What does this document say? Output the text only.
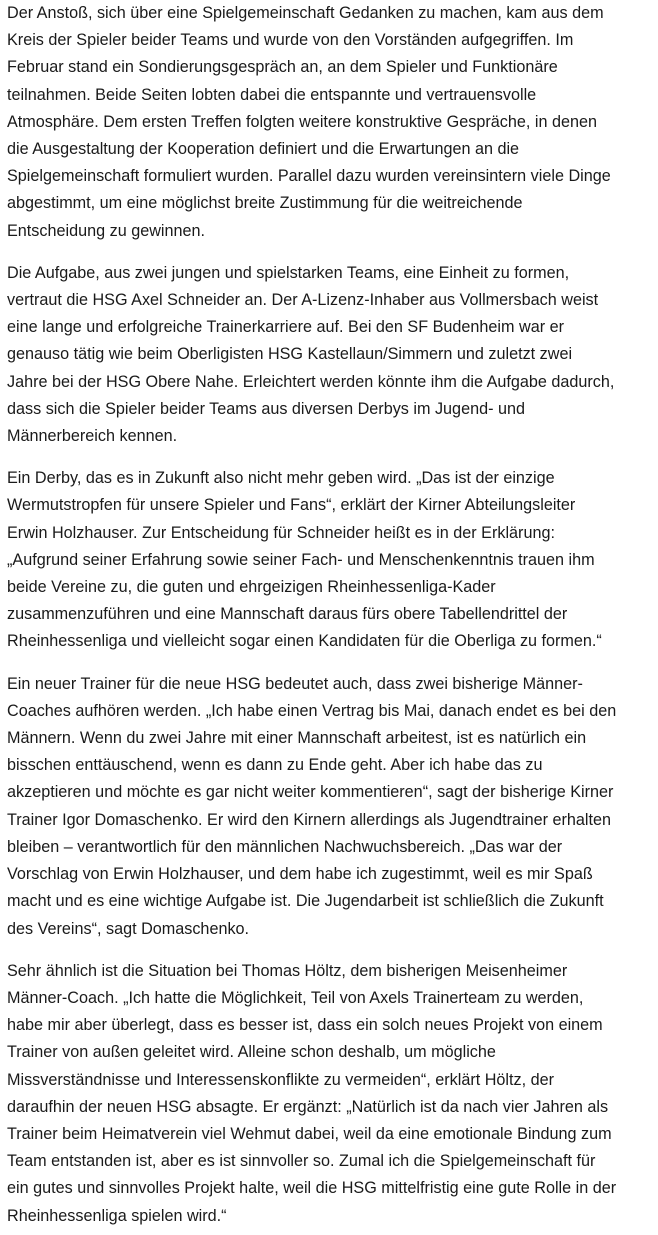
Der Anstoß, sich über eine Spielgemeinschaft Gedanken zu machen, kam aus dem
Kreis der Spieler beider Teams und wurde von den Vorständen aufgegriffen. Im
Februar stand ein Sondierungsgespräch an, an dem Spieler und Funktionäre
teilnahmen. Beide Seiten lobten dabei die entspannte und vertrauensvolle
Atmosphäre. Dem ersten Treffen folgten weitere konstruktive Gespräche, in denen
die Ausgestaltung der Kooperation definiert und die Erwartungen an die
Spielgemeinschaft formuliert wurden. Parallel dazu wurden vereinsintern viele Dinge
abgestimmt, um eine möglichst breite Zustimmung für die weitreichende
Entscheidung zu gewinnen.

Die Aufgabe, aus zwei jungen und spielstarken Teams, eine Einheit zu formen,
vertraut die HSG Axel Schneider an. Der A-Lizenz-Inhaber aus Vollmersbach weist
eine lange und erfolgreiche Trainerkarriere auf. Bei den SF Budenheim war er
genauso tätig wie beim Oberligisten HSG Kastellaun/Simmern und zuletzt zwei
Jahre bei der HSG Obere Nahe. Erleichtert werden könnte ihm die Aufgabe dadurch,
dass sich die Spieler beider Teams aus diversen Derbys im Jugend- und
Männerbereich kennen.

Ein Derby, das es in Zukunft also nicht mehr geben wird. „Das ist der einzige
Wermutstropfen für unsere Spieler und Fans“, erklärt der Kirner Abteilungsleiter
Erwin Holzhauser. Zur Entscheidung für Schneider heißt es in der Erklärung:
„Aufgrund seiner Erfahrung sowie seiner Fach- und Menschenkenntnis trauen ihm
beide Vereine zu, die guten und ehrgeizigen Rheinhessenliga-Kader
zusammenzuführen und eine Mannschaft daraus fürs obere Tabellendrittel der
Rheinhessenliga und vielleicht sogar einen Kandidaten für die Oberliga zu formen.“

Ein neuer Trainer für die neue HSG bedeutet auch, dass zwei bisherige Männer-
Coaches aufhören werden. „Ich habe einen Vertrag bis Mai, danach endet es bei den
Männern. Wenn du zwei Jahre mit einer Mannschaft arbeitest, ist es natürlich ein
bisschen enttäuschend, wenn es dann zu Ende geht. Aber ich habe das zu
akzeptieren und möchte es gar nicht weiter kommentieren“, sagt der bisherige Kirner
Trainer Igor Domaschenko. Er wird den Kirnern allerdings als Jugendtrainer erhalten
bleiben – verantwortlich für den männlichen Nachwuchsbereich. „Das war der
Vorschlag von Erwin Holzhauser, und dem habe ich zugestimmt, weil es mir Spaß
macht und es eine wichtige Aufgabe ist. Die Jugendarbeit ist schließlich die Zukunft
des Vereins“, sagt Domaschenko.

Sehr ähnlich ist die Situation bei Thomas Höltz, dem bisherigen Meisenheimer
Männer-Coach. „Ich hatte die Möglichkeit, Teil von Axels Trainerteam zu werden,
habe mir aber überlegt, dass es besser ist, dass ein solch neues Projekt von einem
Trainer von außen geleitet wird. Alleine schon deshalb, um mögliche
Missverständnisse und Interessenskonflikte zu vermeiden“, erklärt Höltz, der
daraufhin der neuen HSG absagte. Er ergänzt: „Natürlich ist da nach vier Jahren als
Trainer beim Heimatverein viel Wehmut dabei, weil da eine emotionale Bindung zum
Team entstanden ist, aber es ist sinnvoller so. Zumal ich die Spielgemeinschaft für
ein gutes und sinnvolles Projekt halte, weil die HSG mittelfristig eine gute Rolle in der
Rheinhessenliga spielen wird.“
